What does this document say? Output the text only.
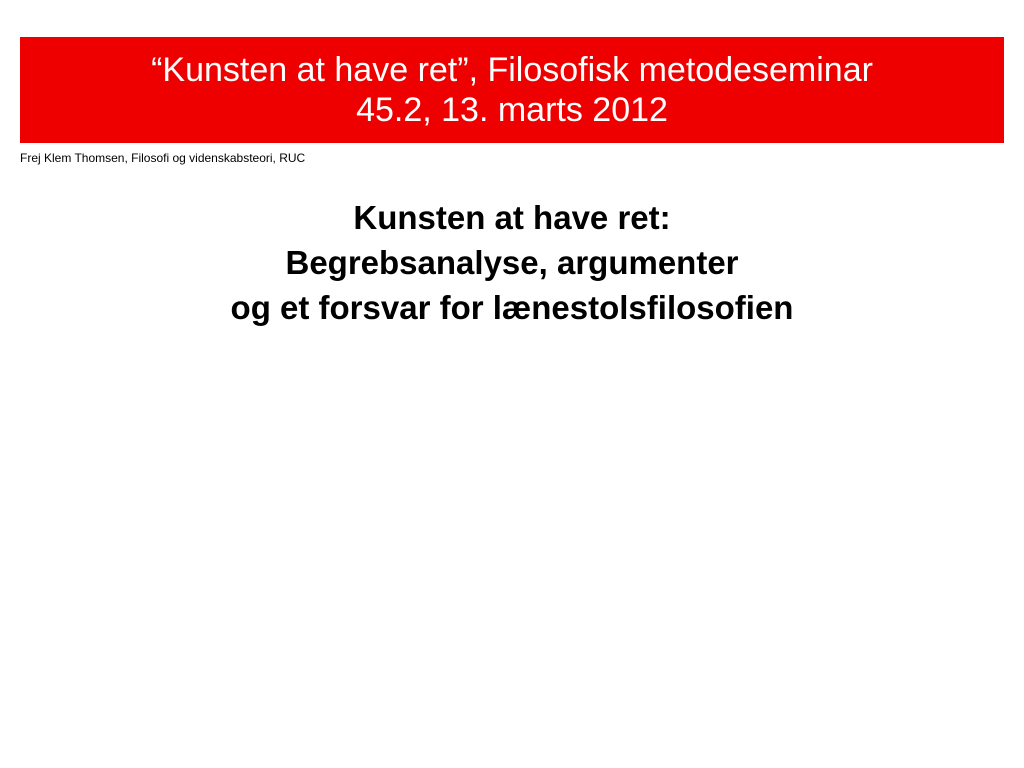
“Kunsten at have ret”, Filosofisk metodeseminar
45.2, 13. marts 2012
Frej Klem Thomsen, Filosofi og videnskabsteori, RUC
Kunsten at have ret:
Begrebsanalyse, argumenter
og et forsvar for lænestolsfilosofien
